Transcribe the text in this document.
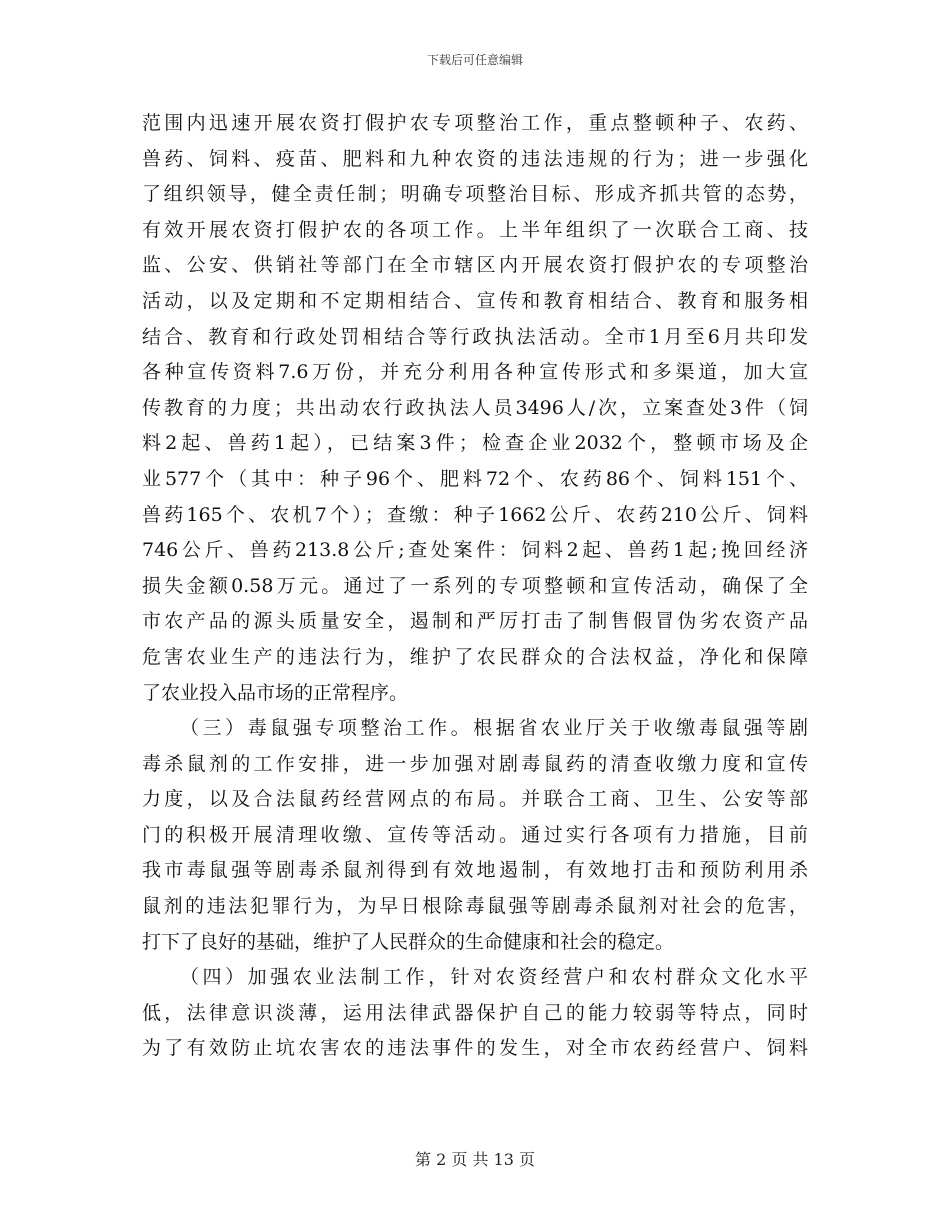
下载后可任意编辑
范围内迅速开展农资打假护农专项整治工作，重点整顿种子、农药、
兽药、饲料、疫苗、肥料和九种农资的违法违规的行为；进一步强化
了组织领导，健全责任制；明确专项整治目标、形成齐抓共管的态势，
有效开展农资打假护农的各项工作。上半年组织了一次联合工商、技
监、公安、供销社等部门在全市辖区内开展农资打假护农的专项整治
活动，以及定期和不定期相结合、宣传和教育相结合、教育和服务相
结合、教育和行政处罚相结合等行政执法活动。全市1月至6月共印发
各种宣传资料7.6万份，并充分利用各种宣传形式和多渠道，加大宣
传教育的力度；共出动农行政执法人员3496人/次，立案查处3件（饲
料2起、兽药1起），已结案3件；检查企业2032个，整顿市场及企
业577个（其中：种子96个、肥料72个、农药86个、饲料151个、
兽药165个、农机7个）；查缴：种子1662公斤、农药210公斤、饲料
746公斤、兽药213.8公斤;查处案件：饲料2起、兽药1起;挽回经济
损失金额0.58万元。通过了一系列的专项整顿和宣传活动，确保了全
市农产品的源头质量安全，遏制和严厉打击了制售假冒伪劣农资产品
危害农业生产的违法行为，维护了农民群众的合法权益，净化和保障
了农业投入品市场的正常程序。
（三）毒鼠强专项整治工作。根据省农业厅关于收缴毒鼠强等剧
毒杀鼠剂的工作安排，进一步加强对剧毒鼠药的清查收缴力度和宣传
力度，以及合法鼠药经营网点的布局。并联合工商、卫生、公安等部
门的积极开展清理收缴、宣传等活动。通过实行各项有力措施，目前
我市毒鼠强等剧毒杀鼠剂得到有效地遏制，有效地打击和预防利用杀
鼠剂的违法犯罪行为，为早日根除毒鼠强等剧毒杀鼠剂对社会的危害，
打下了良好的基础，维护了人民群众的生命健康和社会的稳定。
（四）加强农业法制工作，针对农资经营户和农村群众文化水平
低，法律意识淡薄，运用法律武器保护自己的能力较弱等特点，同时
为了有效防止坑农害农的违法事件的发生，对全市农药经营户、饲料
第 2 页 共 13 页
